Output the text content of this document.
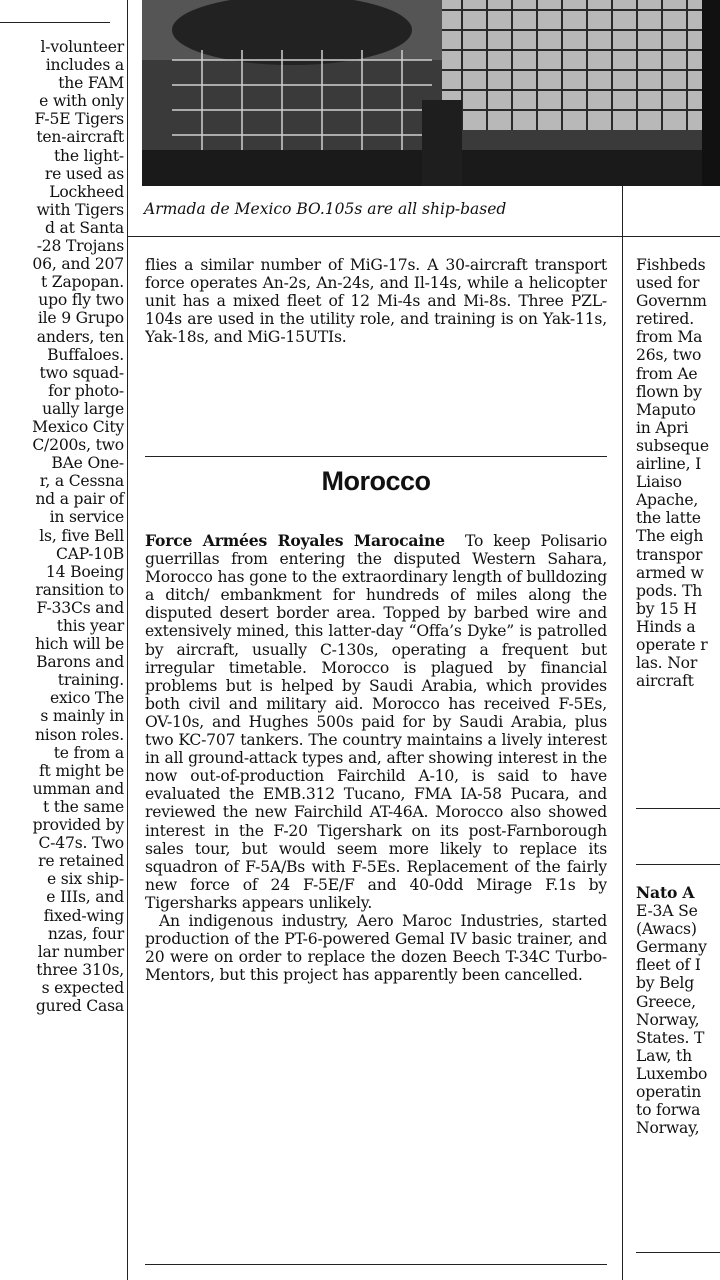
l-volunteer
includes a
the FAM
e with only
F-5E Tigers
ten-aircraft
the light-
re used as
Lockheed
with Tigers
d at Santa
-28 Trojans
06, and 207
t Zapopan.
upo fly two
ile 9 Grupo
anders, ten
Buffaloes.
two squad-
for photo-
ually large
Mexico City
C/200s, two
BAe One-
r, a Cessna
nd a pair of
in service
ls, five Bell
CAP-10B
14 Boeing
ransition to
F-33Cs and
this year
hich will be
Barons and
training.
exico The
s mainly in
nison roles.
te from a
ft might be
umman and
t the same
provided by
C-47s. Two
re retained
e six ship-
e IIIs, and
fixed-wing
nzas, four
lar number
three 310s,
s expected
gured Casa
Armada de Mexico BO.105s are all ship-based

flies a similar number of MiG-17s. A 30-aircraft transport force operates An-2s, An-24s, and Il-14s, while a helicopter unit has a mixed fleet of 12 Mi-4s and Mi-8s. Three PZL-104s are used in the utility role, and training is on Yak-11s, Yak-18s, and MiG-15UTIs.

Morocco

Force Armées Royales Marocaine To keep Polisario guerrillas from entering the disputed Western Sahara, Morocco has gone to the extraordinary length of bulldozing a ditch/ embankment for hundreds of miles along the disputed desert border area. Topped by barbed wire and extensively mined, this latter-day “Offa’s Dyke” is patrolled by aircraft, usually C-130s, operating a frequent but irregular timetable. Morocco is plagued by financial problems but is helped by Saudi Arabia, which provides both civil and military aid. Morocco has received F-5Es, OV-10s, and Hughes 500s paid for by Saudi Arabia, plus two KC-707 tankers. The country maintains a lively interest in all ground-attack types and, after showing interest in the now out-of-production Fairchild A-10, is said to have evaluated the EMB.312 Tucano, FMA IA-58 Pucara, and reviewed the new Fairchild AT-46A. Morocco also showed interest in the F-20 Tigershark on its post-Farnborough sales tour, but would seem more likely to replace its squadron of F-5A/Bs with F-5Es. Replacement of the fairly new force of 24 F-5E/F and 40-0dd Mirage F.1s by Tigersharks appears unlikely.

An indigenous industry, Aero Maroc Industries, started production of the PT-6-powered Gemal IV basic trainer, and 20 were on order to replace the dozen Beech T-34C Turbo-Mentors, but this project has apparently been cancelled.

Fishbeds
used for
Governm
retired.
from Ma
26s, two
from Ae
flown by
Maputo
in Apri
subseque
airline, I
Liaiso
Apache,
the latte
The eigh
transpor
armed w
pods. Th
by 15 H
Hinds a
operate r
las. Nor
aircraft
Nato A
E-3A Se
(Awacs)
Germany
fleet of I
by Belg
Greece,
Norway,
States. T
Law, th
Luxembo
operatin
to forwa
Norway,
